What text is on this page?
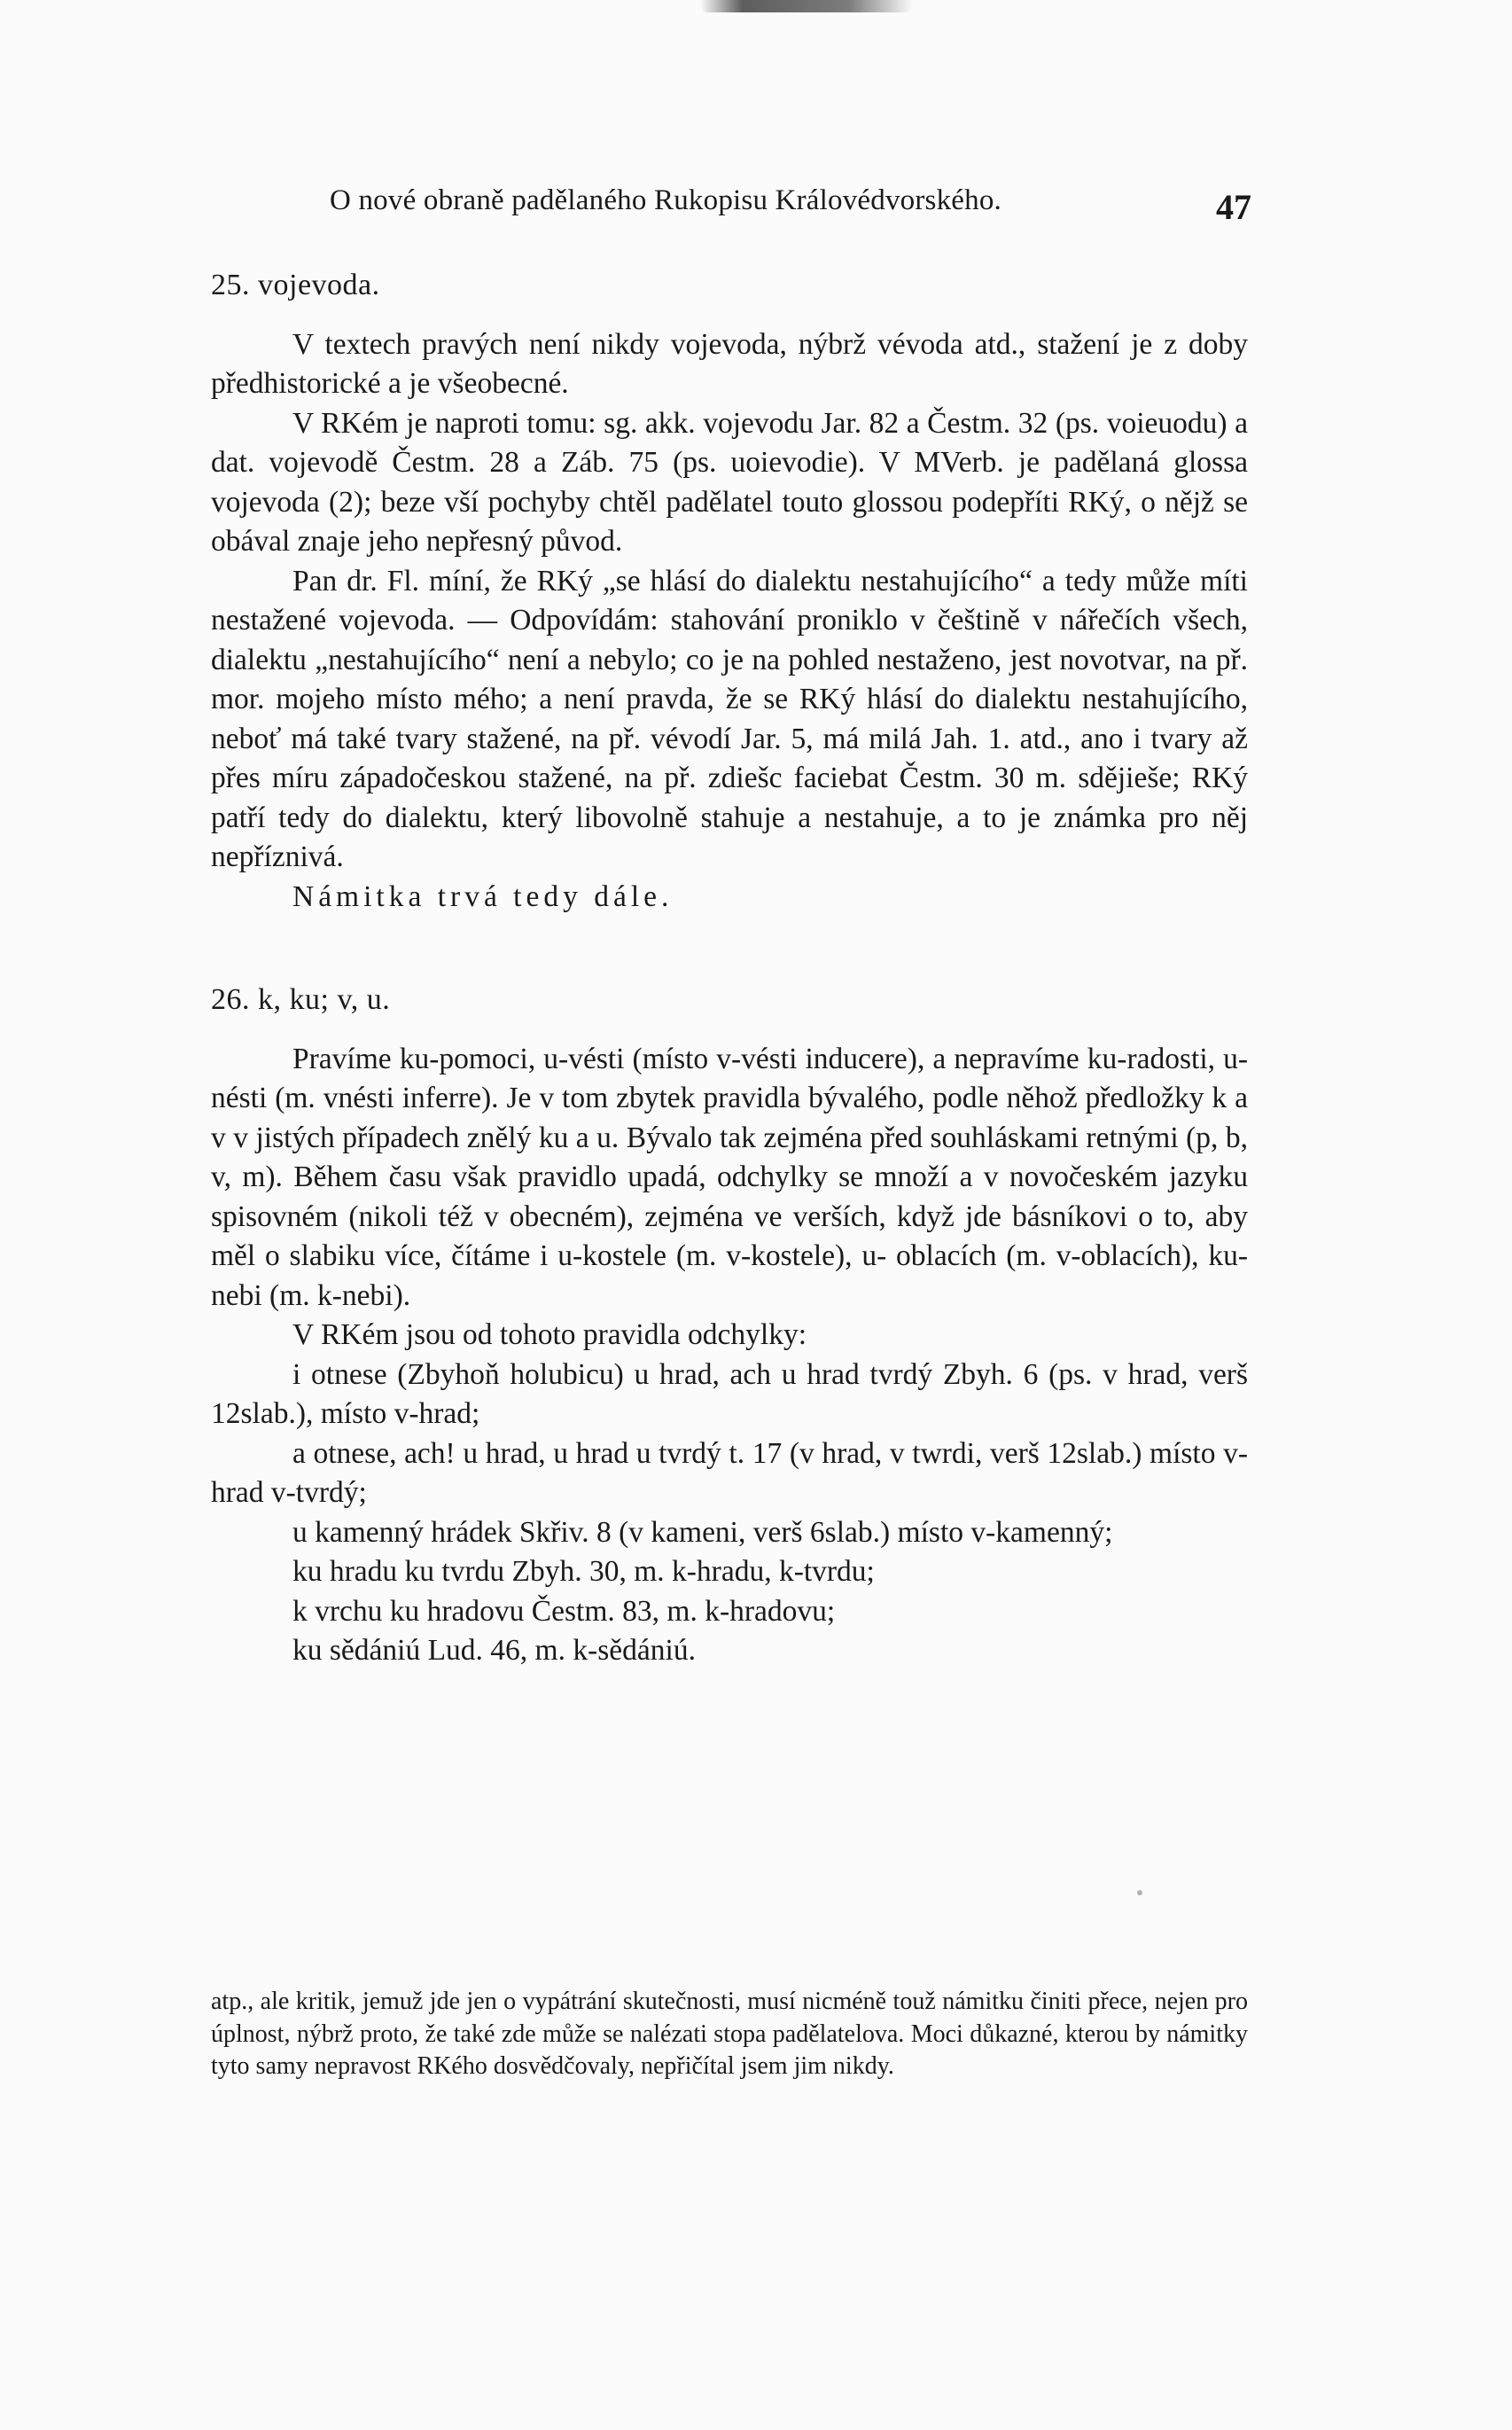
O nové obraně padělaného Rukopisu Královédvorského.	47

25. vojevoda.

V textech pravých není nikdy vojevoda, nýbrž vévoda atd., stažení je z doby předhistorické a je všeobecné.

V RKém je naproti tomu: sg. akk. vojevodu Jar. 82 a Čestm. 32 (ps. voieuodu) a dat. vojevodě Čestm. 28 a Záb. 75 (ps. uoievodie). V MVerb. je padělaná glossa vojevoda (2); beze vší pochyby chtěl padělatel touto glossou podepříti RKý, o nějž se obával znaje jeho nepřesný původ.

Pan dr. Fl. míní, že RKý „se hlásí do dialektu nestahujícího“ a tedy může míti nestažené vojevoda. — Odpovídám: stahování proniklo v češtině v nářečích všech, dialektu „nestahujícího“ není a nebylo; co je na pohled nestaženo, jest novotvar, na př. mor. mojeho místo mého; a není pravda, že se RKý hlásí do dialektu nestahujícího, neboť má také tvary stažené, na př. vévodí Jar. 5, má milá Jah. 1. atd., ano i tvary až přes míru západočeskou stažené, na př. zdiešc faciebat Čestm. 30 m. sdějieše; RKý patří tedy do dialektu, který libovolně stahuje a nestahuje, a to je známka pro něj nepříznivá.

Námitka trvá tedy dále.

26. k, ku; v, u.

Pravíme ku-pomoci, u-vésti (místo v-vésti inducere), a nepravíme ku-radosti, u-nésti (m. vnésti inferre). Je v tom zbytek pravidla bývalého, podle něhož předložky k a v v jistých případech znělý ku a u. Bývalo tak zejména před souhláskami retnými (p, b, v, m). Během času však pravidlo upadá, odchylky se množí a v novočeském jazyku spisovném (nikoli též v obecném), zejména ve verších, když jde básníkovi o to, aby měl o slabiku více, čítáme i u-kostele (m. v-kostele), u- oblacích (m. v-oblacích), ku-nebi (m. k-nebi).

V RKém jsou od tohoto pravidla odchylky:

i otnese (Zbyhoň holubicu) u hrad, ach u hrad tvrdý Zbyh. 6 (ps. v hrad, verš 12slab.), místo v-hrad;

a otnese, ach! u hrad, u hrad u tvrdý t. 17 (v hrad, v twrdi, verš 12slab.) místo v-hrad v-tvrdý;

u kamenný hrádek Skřiv. 8 (v kameni, verš 6slab.) místo v-kamenný;

ku hradu ku tvrdu Zbyh. 30, m. k-hradu, k-tvrdu;

k vrchu ku hradovu Čestm. 83, m. k-hradovu;

ku sědániú Lud. 46, m. k-sědániú.

atp., ale kritik, jemuž jde jen o vypátrání skutečnosti, musí nicméně touž námitku činiti přece, nejen pro úplnost, nýbrž proto, že také zde může se nalézati stopa padělatelova. Moci důkazné, kterou by námitky tyto samy nepravost RKého dosvědčovaly, nepřičítal jsem jim nikdy.
